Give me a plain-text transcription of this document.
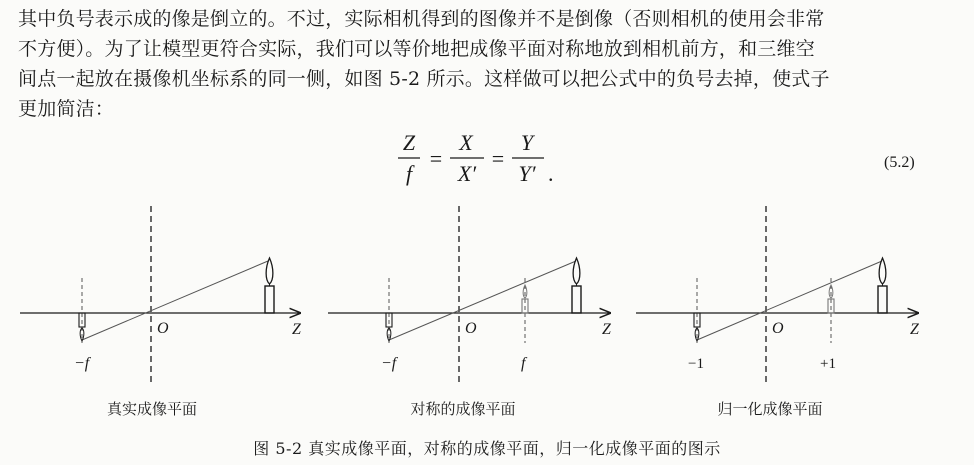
其中负号表示成的像是倒立的。不过，实际相机得到的图像并不是倒像（否则相机的使用会非常
不方便）。为了让模型更符合实际，我们可以等价地把成像平面对称地放到相机前方，和三维空
间点一起放在摄像机坐标系的同一侧，如图 5-2 所示。这样做可以把公式中的负号去掉，使式子
更加简洁：
Z
f
=
X
X′
=
Y
Y′ .	(5.2)
O	Z
−f
真实成像平面
O	Z
−f	f
对称的成像平面
O	Z
−1	+1
归一化成像平面
图 5-2 真实成像平面，对称的成像平面，归一化成像平面的图示
